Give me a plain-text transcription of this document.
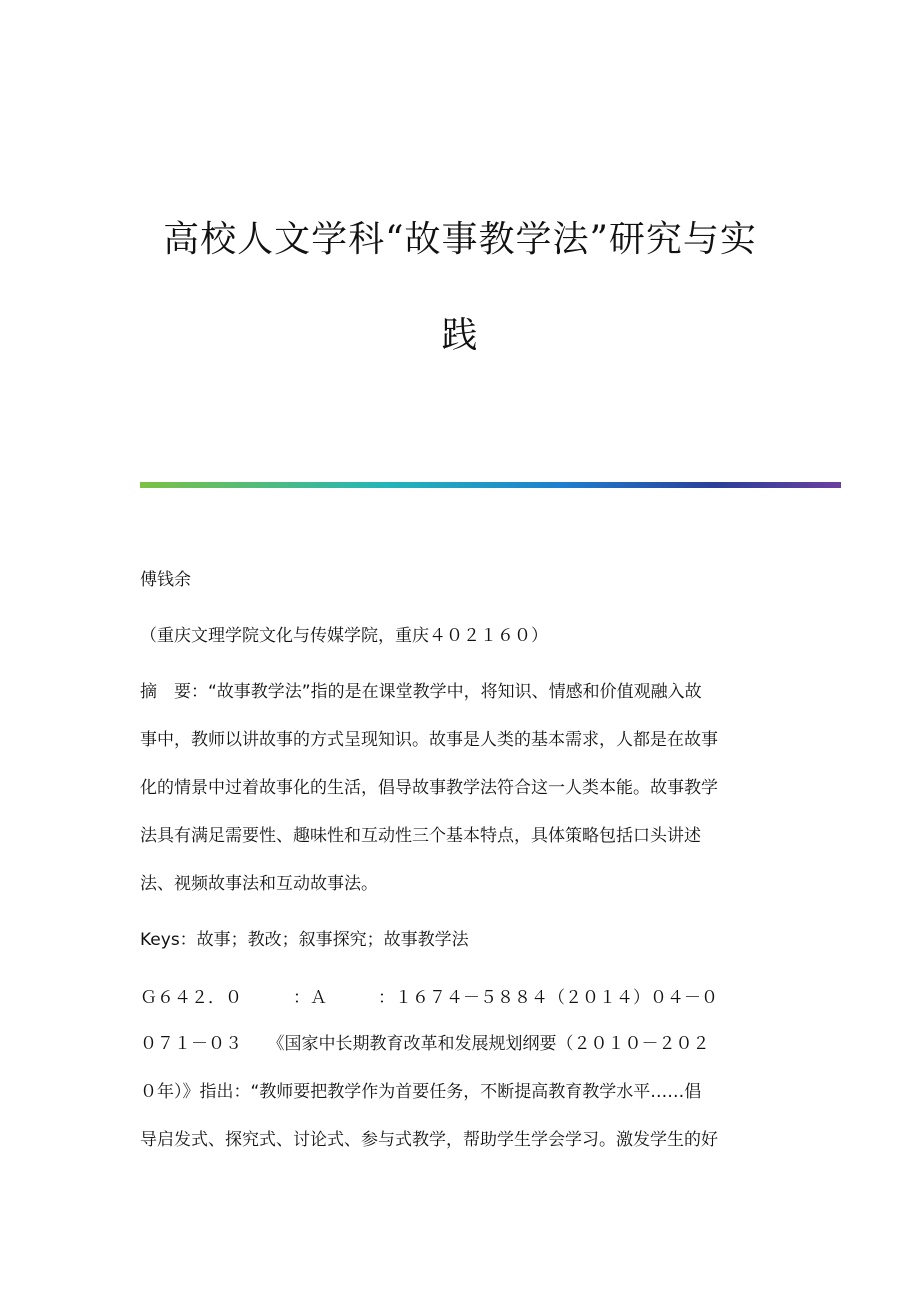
高校人文学科“故事教学法”研究与实
践
傅钱余
（重庆文理学院文化与传媒学院，重庆４０２１６０）
摘　要：“故事教学法”指的是在课堂教学中，将知识、情感和价值观融入故
事中，教师以讲故事的方式呈现知识。故事是人类的基本需求，人都是在故事
化的情景中过着故事化的生活，倡导故事教学法符合这一人类本能。故事教学
法具有满足需要性、趣味性和互动性三个基本特点，具体策略包括口头讲述
法、视频故事法和互动故事法。
Keys：故事；教改；叙事探究；故事教学法
Ｇ６４２．０　　　：Ａ　　　：１６７４－５８８４（２０１４）０４－０
０７１－０３　　《国家中长期教育改革和发展规划纲要（２０１０－２０２
０年）》指出：“教师要把教学作为首要任务，不断提高教育教学水平……倡
导启发式、探究式、讨论式、参与式教学，帮助学生学会学习。激发学生的好
